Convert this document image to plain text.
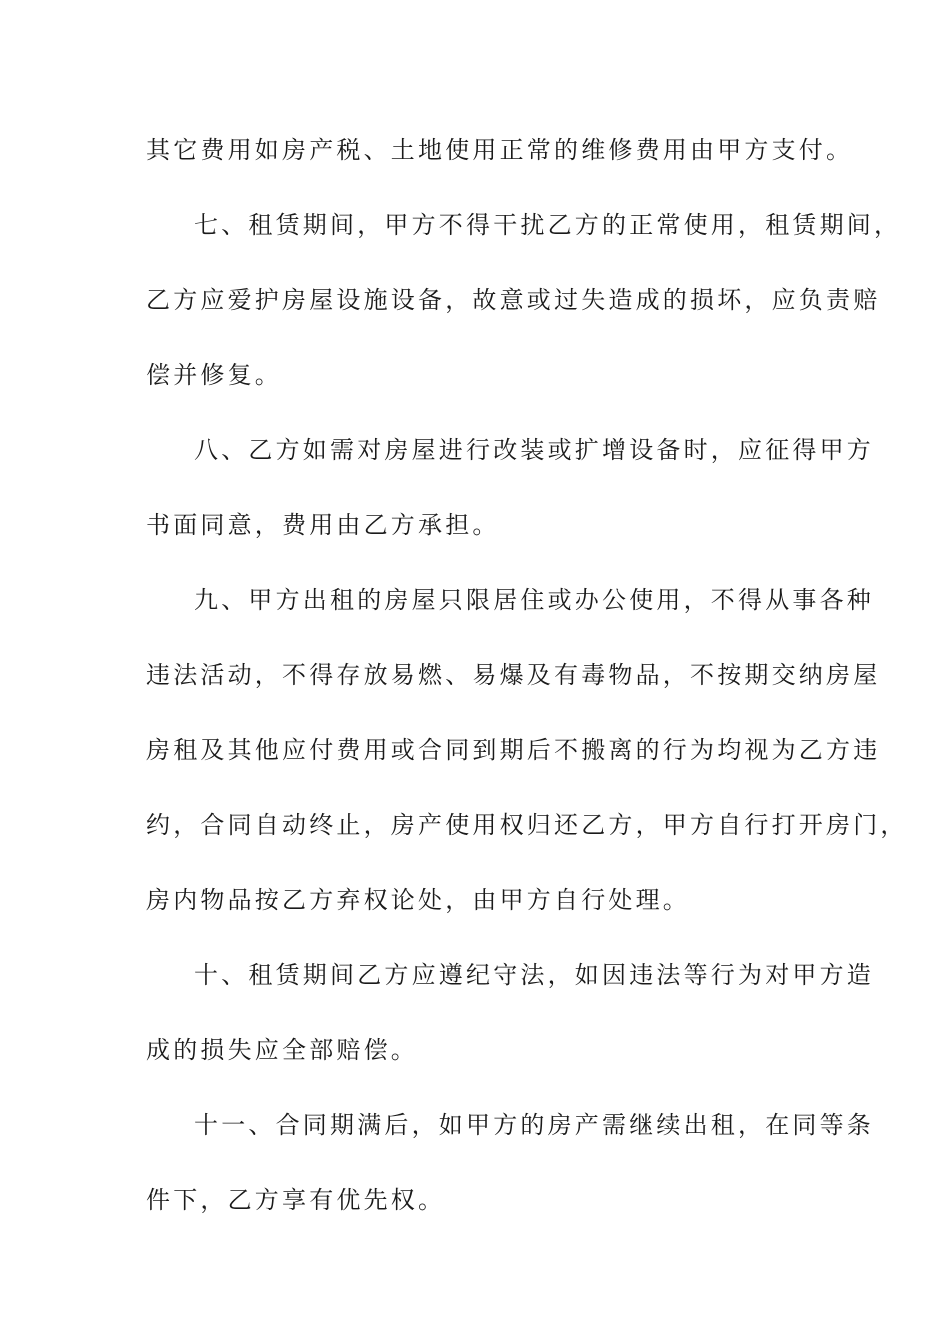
其它费用如房产税、土地使用正常的维修费用由甲方支付。
七、租赁期间，甲方不得干扰乙方的正常使用，租赁期间，
乙方应爱护房屋设施设备，故意或过失造成的损坏，应负责赔
偿并修复。
八、乙方如需对房屋进行改装或扩增设备时，应征得甲方
书面同意，费用由乙方承担。
九、甲方出租的房屋只限居住或办公使用，不得从事各种
违法活动，不得存放易燃、易爆及有毒物品，不按期交纳房屋
房租及其他应付费用或合同到期后不搬离的行为均视为乙方违
约，合同自动终止，房产使用权归还乙方，甲方自行打开房门，
房内物品按乙方弃权论处，由甲方自行处理。
十、租赁期间乙方应遵纪守法，如因违法等行为对甲方造
成的损失应全部赔偿。
十一、合同期满后，如甲方的房产需继续出租，在同等条
件下，乙方享有优先权。
